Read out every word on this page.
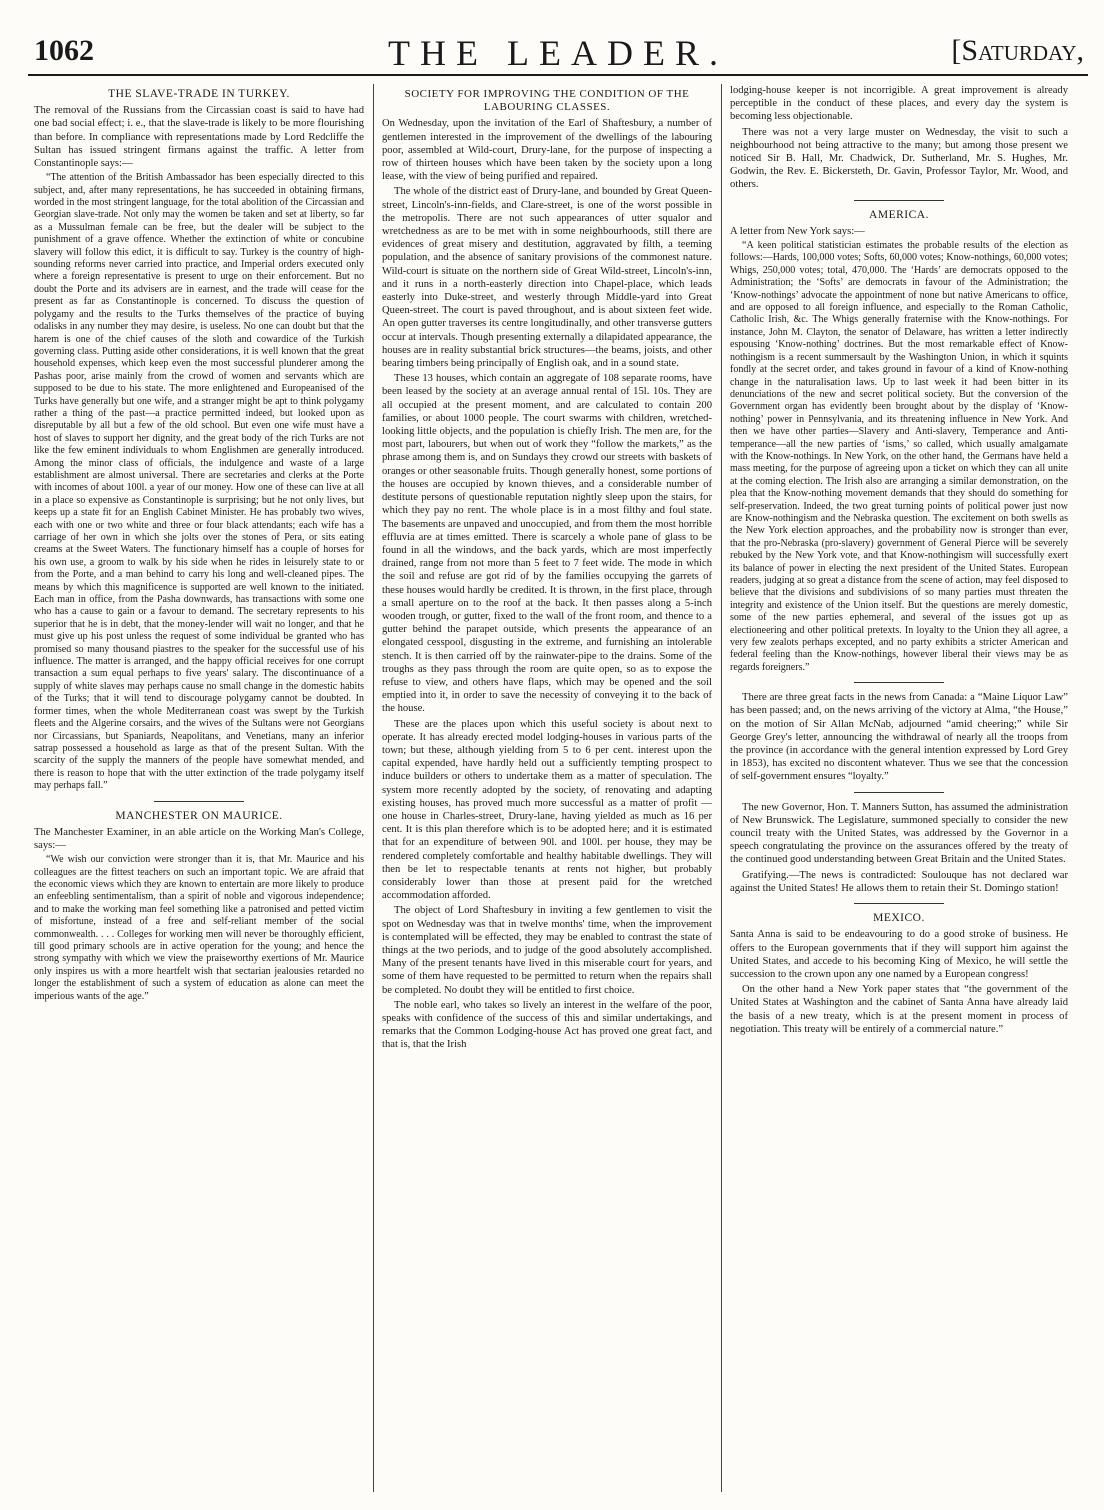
1062	THE LEADER.	[Saturday,
THE SLAVE-TRADE IN TURKEY.

The removal of the Russians from the Circassian coast is said to have had one bad social effect; i. e., that the slave-trade is likely to be more flourishing than before. In compliance with representations made by Lord Redcliffe the Sultan has issued stringent firmans against the traffic. A letter from Constantinople says:—

“The attention of the British Ambassador has been especially directed to this subject, and, after many representations, he has succeeded in obtaining firmans, worded in the most stringent language, for the total abolition of the Circassian and Georgian slave-trade. Not only may the women be taken and set at liberty, so far as a Mussulman female can be free, but the dealer will be subject to the punishment of a grave offence. Whether the extinction of white or concubine slavery will follow this edict, it is difficult to say. Turkey is the country of high-sounding reforms never carried into practice, and Imperial orders executed only where a foreign representative is present to urge on their enforcement. But no doubt the Porte and its advisers are in earnest, and the trade will cease for the present as far as Constantinople is concerned. To discuss the question of polygamy and the results to the Turks themselves of the practice of buying odalisks in any number they may desire, is useless. No one can doubt but that the harem is one of the chief causes of the sloth and cowardice of the Turkish governing class. Putting aside other considerations, it is well known that the great household expenses, which keep even the most successful plunderer among the Pashas poor, arise mainly from the crowd of women and servants which are supposed to be due to his state. The more enlightened and Europeanised of the Turks have generally but one wife, and a stranger might be apt to think polygamy rather a thing of the past—a practice permitted indeed, but looked upon as disreputable by all but a few of the old school. But even one wife must have a host of slaves to support her dignity, and the great body of the rich Turks are not like the few eminent individuals to whom Englishmen are generally introduced. Among the minor class of officials, the indulgence and waste of a large establishment are almost universal. There are secretaries and clerks at the Porte with incomes of about 100l. a year of our money. How one of these can live at all in a place so expensive as Constantinople is surprising; but he not only lives, but keeps up a state fit for an English Cabinet Minister. He has probably two wives, each with one or two white and three or four black attendants; each wife has a carriage of her own in which she jolts over the stones of Pera, or sits eating creams at the Sweet Waters. The functionary himself has a couple of horses for his own use, a groom to walk by his side when he rides in leisurely state to or from the Porte, and a man behind to carry his long and well-cleaned pipes. The means by which this magnificence is supported are well known to the initiated. Each man in office, from the Pasha downwards, has transactions with some one who has a cause to gain or a favour to demand. The secretary represents to his superior that he is in debt, that the money-lender will wait no longer, and that he must give up his post unless the request of some individual be granted who has promised so many thousand piastres to the speaker for the successful use of his influence. The matter is arranged, and the happy official receives for one corrupt transaction a sum equal perhaps to five years' salary. The discontinuance of a supply of white slaves may perhaps cause no small change in the domestic habits of the Turks; that it will tend to discourage polygamy cannot be doubted. In former times, when the whole Mediterranean coast was swept by the Turkish fleets and the Algerine corsairs, and the wives of the Sultans were not Georgians nor Circassians, but Spaniards, Neapolitans, and Venetians, many an inferior satrap possessed a household as large as that of the present Sultan. With the scarcity of the supply the manners of the people have somewhat mended, and there is reason to hope that with the utter extinction of the trade polygamy itself may perhaps fall.”

MANCHESTER ON MAURICE.

The Manchester Examiner, in an able article on the Working Man's College, says:—

“We wish our conviction were stronger than it is, that Mr. Maurice and his colleagues are the fittest teachers on such an important topic. We are afraid that the economic views which they are known to entertain are more likely to produce an enfeebling sentimentalism, than a spirit of noble and vigorous independence; and to make the working man feel something like a patronised and petted victim of misfortune, instead of a free and self-reliant member of the social commonwealth. . . . Colleges for working men will never be thoroughly efficient, till good primary schools are in active operation for the young; and hence the strong sympathy with which we view the praiseworthy exertions of Mr. Maurice only inspires us with a more heartfelt wish that sectarian jealousies retarded no longer the establishment of such a system of education as alone can meet the imperious wants of the age.”

SOCIETY FOR IMPROVING THE CONDITION OF THE LABOURING CLASSES.

On Wednesday, upon the invitation of the Earl of Shaftesbury, a number of gentlemen interested in the improvement of the dwellings of the labouring poor, assembled at Wild-court, Drury-lane, for the purpose of inspecting a row of thirteen houses which have been taken by the society upon a long lease, with the view of being purified and repaired.

The whole of the district east of Drury-lane, and bounded by Great Queen-street, Lincoln's-inn-fields, and Clare-street, is one of the worst possible in the metropolis. There are not such appearances of utter squalor and wretchedness as are to be met with in some neighbourhoods, still there are evidences of great misery and destitution, aggravated by filth, a teeming population, and the absence of sanitary provisions of the commonest nature. Wild-court is situate on the northern side of Great Wild-street, Lincoln's-inn, and it runs in a north-easterly direction into Chapel-place, which leads easterly into Duke-street, and westerly through Middle-yard into Great Queen-street. The court is paved throughout, and is about sixteen feet wide. An open gutter traverses its centre longitudinally, and other transverse gutters occur at intervals. Though presenting externally a dilapidated appearance, the houses are in reality substantial brick structures—the beams, joists, and other bearing timbers being principally of English oak, and in a sound state.

These 13 houses, which contain an aggregate of 108 separate rooms, have been leased by the society at an average annual rental of 15l. 10s. They are all occupied at the present moment, and are calculated to contain 200 families, or about 1000 people. The court swarms with children, wretched-looking little objects, and the population is chiefly Irish. The men are, for the most part, labourers, but when out of work they “follow the markets,” as the phrase among them is, and on Sundays they crowd our streets with baskets of oranges or other seasonable fruits. Though generally honest, some portions of the houses are occupied by known thieves, and a considerable number of destitute persons of questionable reputation nightly sleep upon the stairs, for which they pay no rent. The whole place is in a most filthy and foul state. The basements are unpaved and unoccupied, and from them the most horrible effluvia are at times emitted. There is scarcely a whole pane of glass to be found in all the windows, and the back yards, which are most imperfectly drained, range from not more than 5 feet to 7 feet wide. The mode in which the soil and refuse are got rid of by the families occupying the garrets of these houses would hardly be credited. It is thrown, in the first place, through a small aperture on to the roof at the back. It then passes along a 5-inch wooden trough, or gutter, fixed to the wall of the front room, and thence to a gutter behind the parapet outside, which presents the appearance of an elongated cesspool, disgusting in the extreme, and furnishing an intolerable stench. It is then carried off by the rainwater-pipe to the drains. Some of the troughs as they pass through the room are quite open, so as to expose the refuse to view, and others have flaps, which may be opened and the soil emptied into it, in order to save the necessity of conveying it to the back of the house.

These are the places upon which this useful society is about next to operate. It has already erected model lodging-houses in various parts of the town; but these, although yielding from 5 to 6 per cent. interest upon the capital expended, have hardly held out a sufficiently tempting prospect to induce builders or others to undertake them as a matter of speculation. The system more recently adopted by the society, of renovating and adapting existing houses, has proved much more successful as a matter of profit — one house in Charles-street, Drury-lane, having yielded as much as 16 per cent. It is this plan therefore which is to be adopted here; and it is estimated that for an expenditure of between 90l. and 100l. per house, they may be rendered completely comfortable and healthy habitable dwellings. They will then be let to respectable tenants at rents not higher, but probably considerably lower than those at present paid for the wretched accommodation afforded.

The object of Lord Shaftesbury in inviting a few gentlemen to visit the spot on Wednesday was that in twelve months' time, when the improvement is contemplated will be effected, they may be enabled to contrast the state of things at the two periods, and to judge of the good absolutely accomplished. Many of the present tenants have lived in this miserable court for years, and some of them have requested to be permitted to return when the repairs shall be completed. No doubt they will be entitled to first choice.

The noble earl, who takes so lively an interest in the welfare of the poor, speaks with confidence of the success of this and similar undertakings, and remarks that the Common Lodging-house Act has proved one great fact, and that is, that the Irish

lodging-house keeper is not incorrigible. A great improvement is already perceptible in the conduct of these places, and every day the system is becoming less objectionable.

There was not a very large muster on Wednesday, the visit to such a neighbourhood not being attractive to the many; but among those present we noticed Sir B. Hall, Mr. Chadwick, Dr. Sutherland, Mr. S. Hughes, Mr. Godwin, the Rev. E. Bickersteth, Dr. Gavin, Professor Taylor, Mr. Wood, and others.

AMERICA.

A letter from New York says:—

“A keen political statistician estimates the probable results of the election as follows:—Hards, 100,000 votes; Softs, 60,000 votes; Know-nothings, 60,000 votes; Whigs, 250,000 votes; total, 470,000. The ‘Hards’ are democrats opposed to the Administration; the ‘Softs’ are democrats in favour of the Administration; the ‘Know-nothings’ advocate the appointment of none but native Americans to office, and are opposed to all foreign influence, and especially to the Roman Catholic, Catholic Irish, &c. The Whigs generally fraternise with the Know-nothings. For instance, John M. Clayton, the senator of Delaware, has written a letter indirectly espousing ‘Know-nothing’ doctrines. But the most remarkable effect of Know-nothingism is a recent summersault by the Washington Union, in which it squints fondly at the secret order, and takes ground in favour of a kind of Know-nothing change in the naturalisation laws. Up to last week it had been bitter in its denunciations of the new and secret political society. But the conversion of the Government organ has evidently been brought about by the display of ‘Know-nothing’ power in Pennsylvania, and its threatening influence in New York. And then we have other parties—Slavery and Anti-slavery, Temperance and Anti-temperance—all the new parties of ‘isms,’ so called, which usually amalgamate with the Know-nothings. In New York, on the other hand, the Germans have held a mass meeting, for the purpose of agreeing upon a ticket on which they can all unite at the coming election. The Irish also are arranging a similar demonstration, on the plea that the Know-nothing movement demands that they should do something for self-preservation. Indeed, the two great turning points of political power just now are Know-nothingism and the Nebraska question. The excitement on both swells as the New York election approaches, and the probability now is stronger than ever, that the pro-Nebraska (pro-slavery) government of General Pierce will be severely rebuked by the New York vote, and that Know-nothingism will successfully exert its balance of power in electing the next president of the United States. European readers, judging at so great a distance from the scene of action, may feel disposed to believe that the divisions and subdivisions of so many parties must threaten the integrity and existence of the Union itself. But the questions are merely domestic, some of the new parties ephemeral, and several of the issues got up as electioneering and other political pretexts. In loyalty to the Union they all agree, a very few zealots perhaps excepted, and no party exhibits a stricter American and federal feeling than the Know-nothings, however liberal their views may be as regards foreigners.”

There are three great facts in the news from Canada: a “Maine Liquor Law” has been passed; and, on the news arriving of the victory at Alma, “the House,” on the motion of Sir Allan McNab, adjourned “amid cheering;” while Sir George Grey's letter, announcing the withdrawal of nearly all the troops from the province (in accordance with the general intention expressed by Lord Grey in 1853), has excited no discontent whatever. Thus we see that the concession of self-government ensures “loyalty.”

The new Governor, Hon. T. Manners Sutton, has assumed the administration of New Brunswick. The Legislature, summoned specially to consider the new council treaty with the United States, was addressed by the Governor in a speech congratulating the province on the assurances offered by the treaty of the continued good understanding between Great Britain and the United States.

Gratifying.—The news is contradicted: Soulouque has not declared war against the United States! He allows them to retain their St. Domingo station!

MEXICO.

Santa Anna is said to be endeavouring to do a good stroke of business. He offers to the European governments that if they will support him against the United States, and accede to his becoming King of Mexico, he will settle the succession to the crown upon any one named by a European congress!

On the other hand a New York paper states that “the government of the United States at Washington and the cabinet of Santa Anna have already laid the basis of a new treaty, which is at the present moment in process of negotiation. This treaty will be entirely of a commercial nature.”
